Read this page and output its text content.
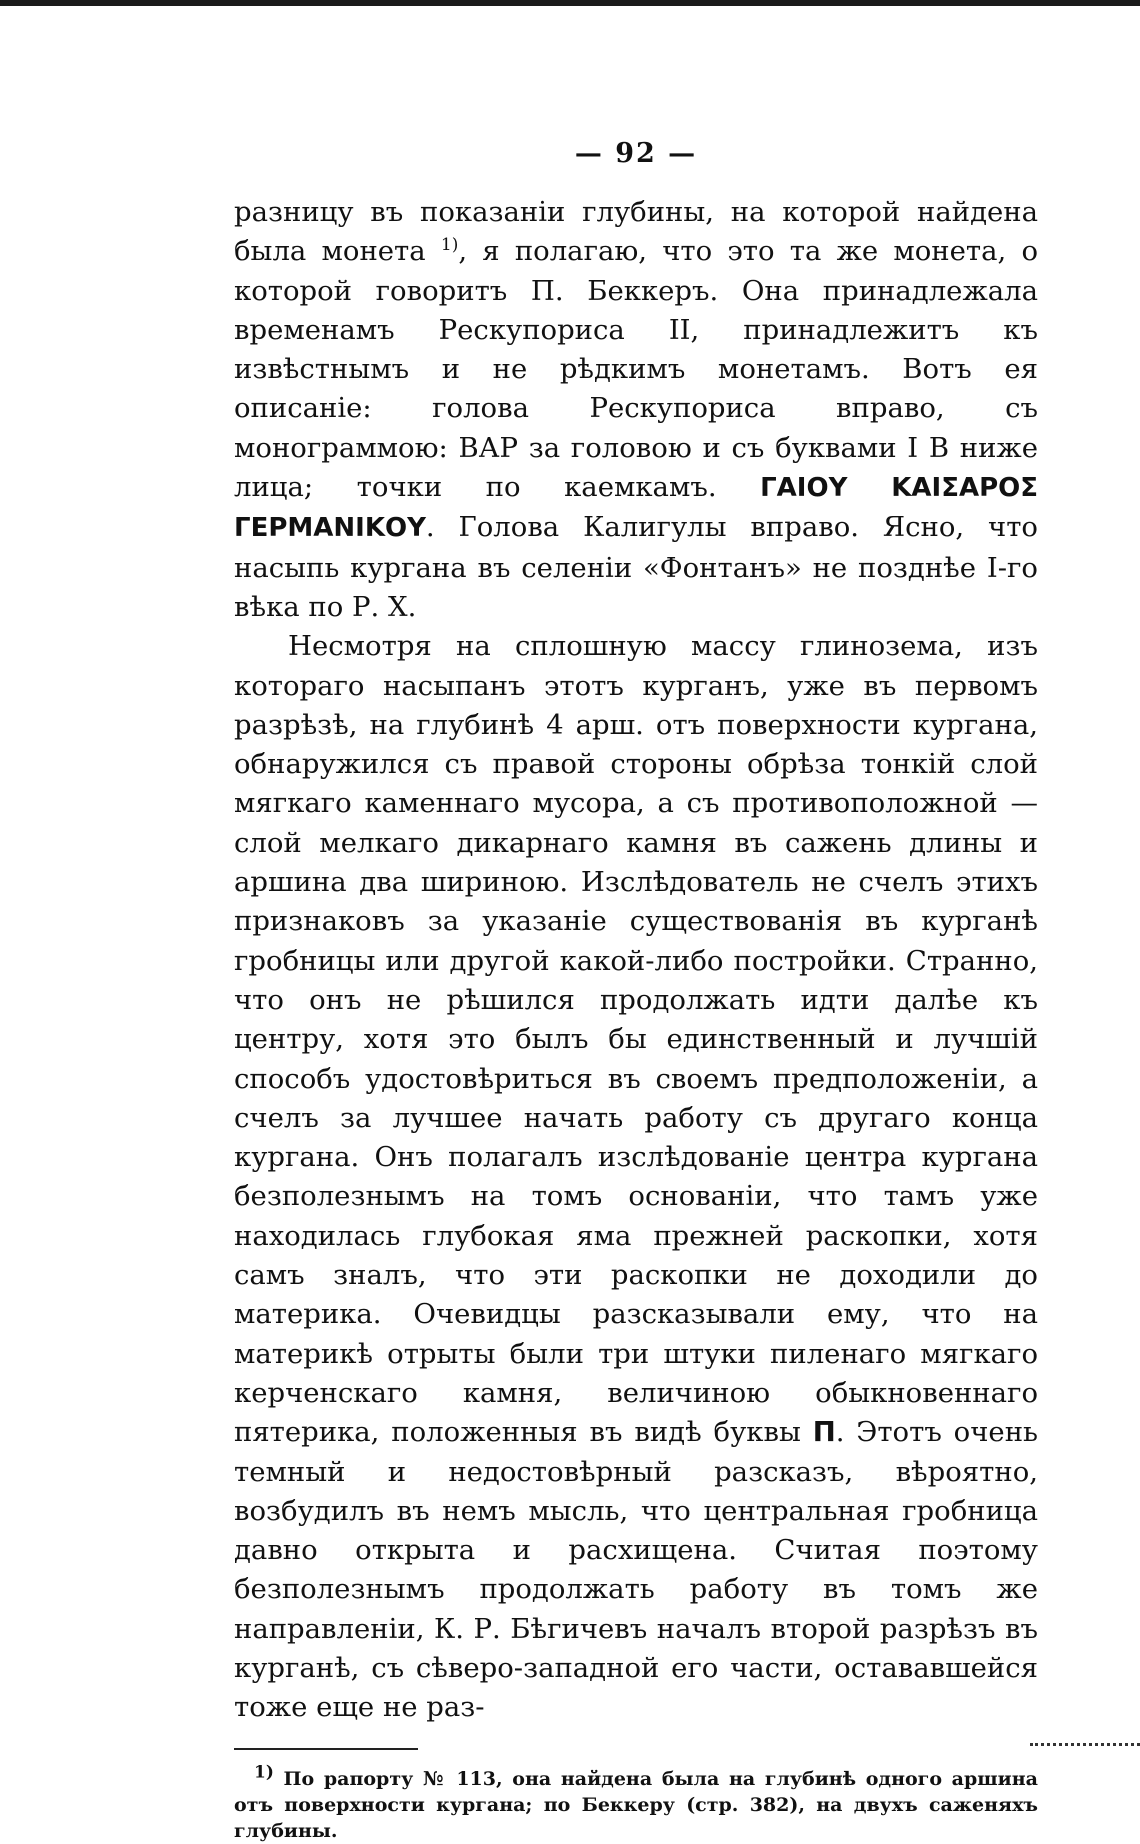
— 92 —

разницу въ показанiи глубины, на которой найдена была монета $^{1)}$, я полагаю, что это та же монета, о которой говоритъ П. Беккеръ. Она принадлежала временамъ Рескупориса II, принадлежитъ къ извѣстнымъ и не рѣдкимъ монетамъ. Вотъ ея описанiе: голова Рескупориса вправо, съ монограммою: ВАР за головою и съ буквами I В ниже лица; точки по каемкамъ. ΓΑΙΟΥ ΚΑΙΣΑΡΟΣ ΓΕΡΜΑΝΙΚΟΥ. Голова Калигулы вправо. Ясно, что насыпь кургана въ селенiи «Фонтанъ» не позднѣе I-го вѣка по Р. Х.

Несмотря на сплошную массу глинозема, изъ котораго насыпанъ этотъ курганъ, уже въ первомъ разрѣзѣ, на глубинѣ 4 арш. отъ поверхности кургана, обнаружился съ правой стороны обрѣза тонкiй слой мягкаго каменнаго мусора, а съ противоположной — слой мелкаго дикарнаго камня въ сажень длины и аршина два шириною. Изслѣдователь не счелъ этихъ признаковъ за указанiе существованiя въ курганѣ гробницы или другой какой-либо постройки. Странно, что онъ не рѣшился продолжать идти далѣе къ центру, хотя это былъ бы единственный и лучшiй способъ удостовѣриться въ своемъ предположенiи, а счелъ за лучшее начать работу съ другаго конца кургана. Онъ полагалъ изслѣдованiе центра кургана безполезнымъ на томъ основанiи, что тамъ уже находилась глубокая яма прежней раскопки, хотя самъ зналъ, что эти раскопки не доходили до материка. Очевидцы разсказывали ему, что на материкѣ отрыты были три штуки пиленаго мягкаго керченскаго камня, величиною обыкновеннаго пятерика, положенныя въ видѣ буквы П. Этотъ очень темный и недостовѣрный разсказъ, вѣроятно, возбудилъ въ немъ мысль, что центральная гробница давно открыта и расхищена. Считая поэтому безполезнымъ продолжать работу въ томъ же направленiи, К. Р. Бѣгичевъ началъ второй разрѣзъ въ курганѣ, съ сѣверо-западной его части, остававшейся тоже еще не раз-

$^{1)}$ По рапорту № 113, она найдена была на глубинѣ одного аршина отъ поверхности кургана; по Беккеру (стр. 382), на двухъ саженяхъ глубины.
